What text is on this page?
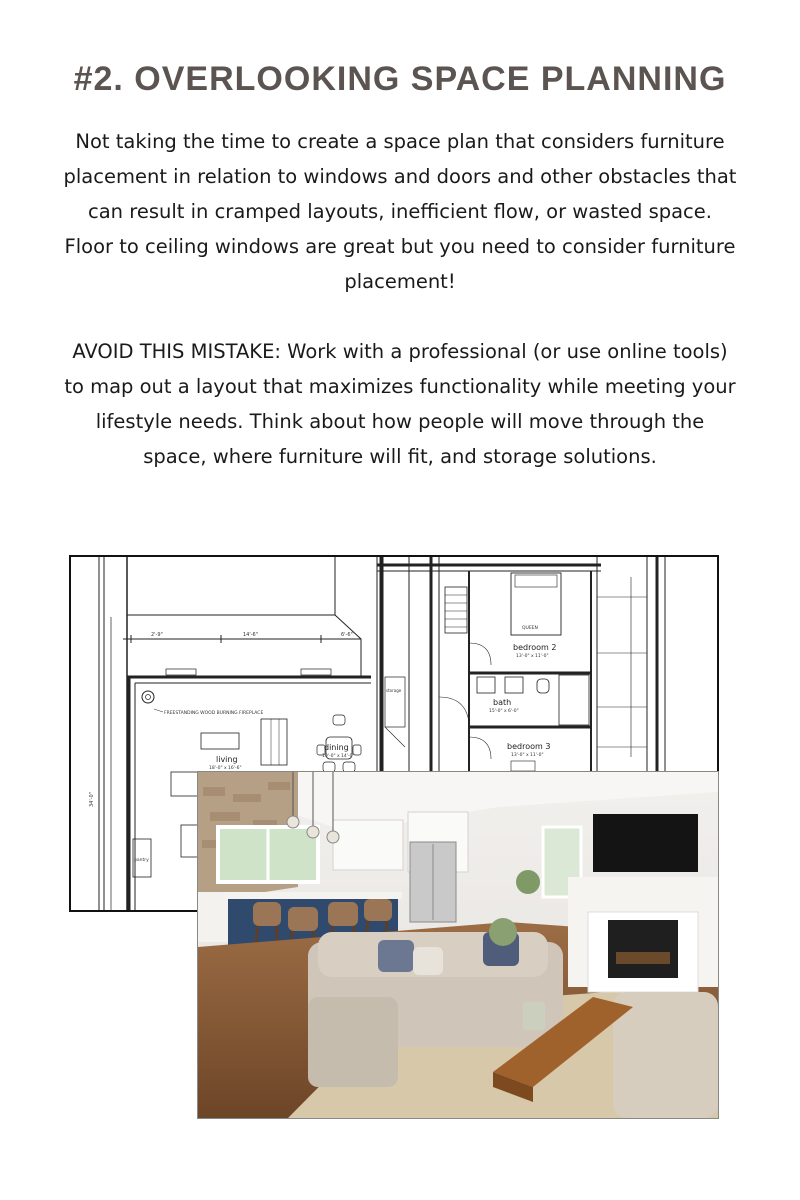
#2. OVERLOOKING SPACE PLANNING

Not taking the time to create a space plan that considers furniture placement in relation to windows and doors and other obstacles that can result in cramped layouts, inefficient flow, or wasted space. Floor to ceiling windows are great but you need to consider furniture placement!

AVOID THIS MISTAKE: Work with a professional (or use online tools) to map out a layout that maximizes functionality while meeting your lifestyle needs. Think about how people will move through the space, where furniture will fit, and storage solutions.

2'-9"	14'-6"	6'-6"
34'-0"
FREESTANDING WOOD BURNING FIREPLACE
living
18'-0" x 16'-6"
pantry
dining
10'-0" x 14'-0"
storage
QUEEN
bedroom 2
13'-0" x 11'-0"
bath
15'-0" x 6'-0"
bedroom 3
13'-0" x 11'-0"
